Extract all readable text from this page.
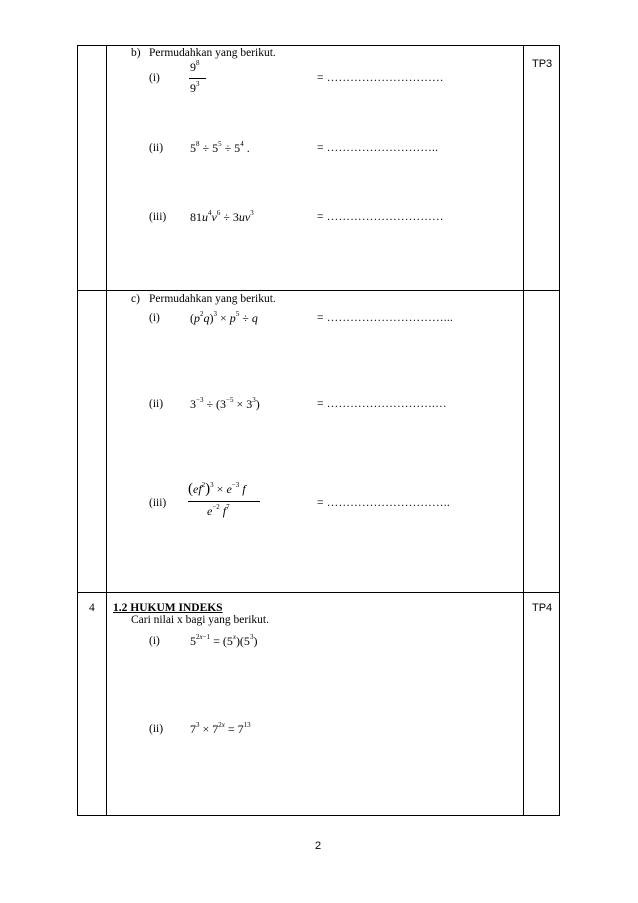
b) Permudahkan yang berikut.
TP3
(i)
$9^8$
$9^3$	= …………………………
(ii) $5^8 \div 5^5 \div 5^4$ .	= ………………………..
(iii) $81u^4v^6 \div 3uv^3$	= …………………………
c) Permudahkan yang berikut.
(i)	$(p^2q)^3 \times p^5 \div q$	= …………………………...
(ii) $3^{-3} \div (3^{-5} \times 3^3)$	= ……………………….…
(iii)
$(ef^2)^3 \times e^{-3}$ f
$e^{-2}$ $f^7$	= …………………………..
4 1.2 HUKUM INDEKS
Cari nilai x bagi yang berikut.
TP4
(i)	$5^{2x-1} = (5^x)(5^3)$
(ii) $7^3 \times 7^{2x} = 7^{13}$
2
